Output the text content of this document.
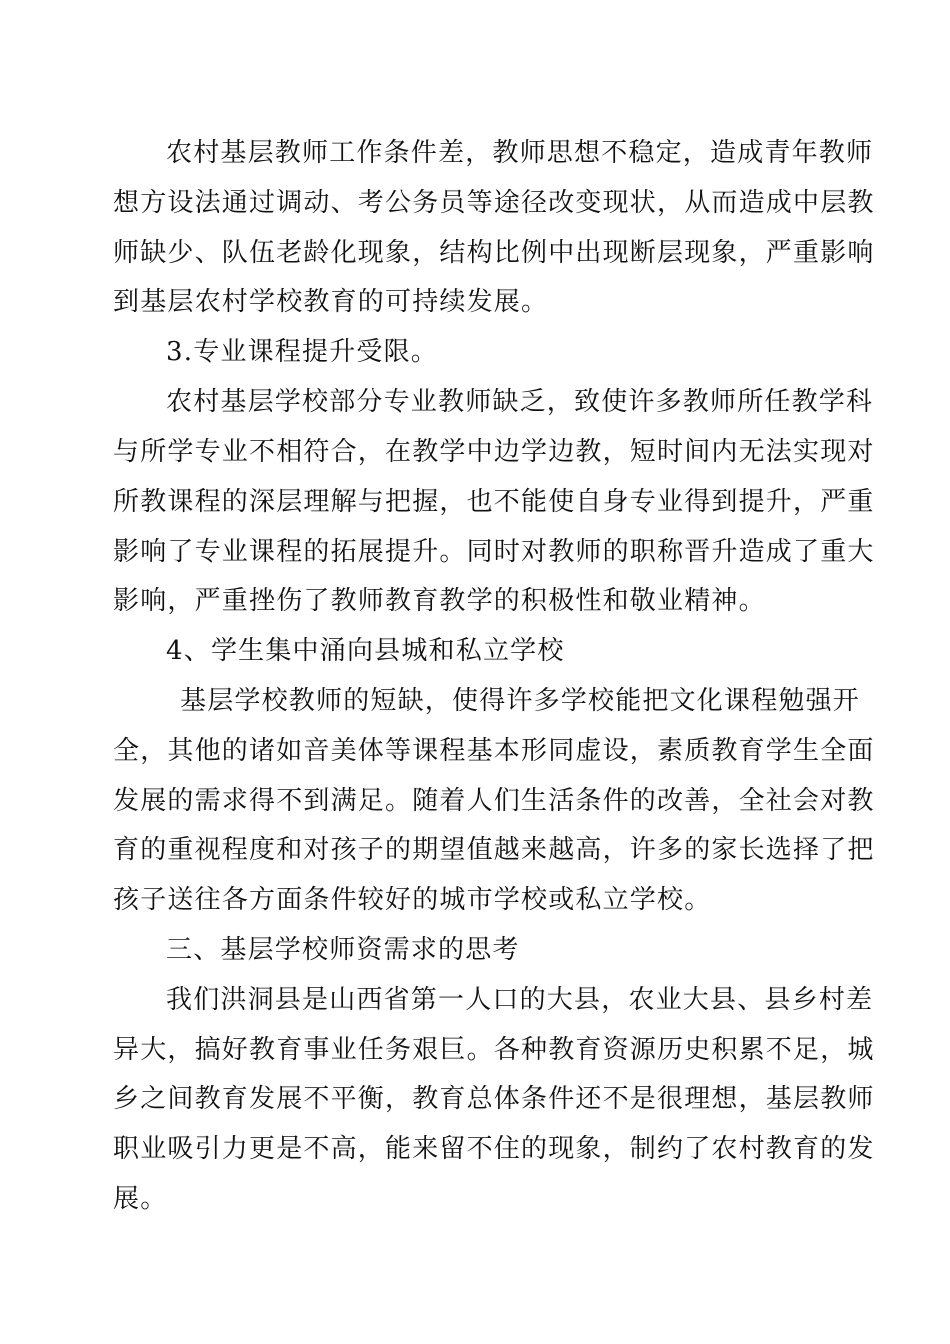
农村基层教师工作条件差，教师思想不稳定，造成青年教师
想方设法通过调动、考公务员等途径改变现状，从而造成中层教
师缺少、队伍老龄化现象，结构比例中出现断层现象，严重影响
到基层农村学校教育的可持续发展。
3.专业课程提升受限。
农村基层学校部分专业教师缺乏，致使许多教师所任教学科
与所学专业不相符合，在教学中边学边教，短时间内无法实现对
所教课程的深层理解与把握，也不能使自身专业得到提升，严重
影响了专业课程的拓展提升。同时对教师的职称晋升造成了重大
影响，严重挫伤了教师教育教学的积极性和敬业精神。
4、学生集中涌向县城和私立学校
基层学校教师的短缺，使得许多学校能把文化课程勉强开
全，其他的诸如音美体等课程基本形同虚设，素质教育学生全面
发展的需求得不到满足。随着人们生活条件的改善，全社会对教
育的重视程度和对孩子的期望值越来越高，许多的家长选择了把
孩子送往各方面条件较好的城市学校或私立学校。
三、基层学校师资需求的思考
我们洪洞县是山西省第一人口的大县，农业大县、县乡村差
异大，搞好教育事业任务艰巨。各种教育资源历史积累不足，城
乡之间教育发展不平衡，教育总体条件还不是很理想，基层教师
职业吸引力更是不高，能来留不住的现象，制约了农村教育的发
展。
